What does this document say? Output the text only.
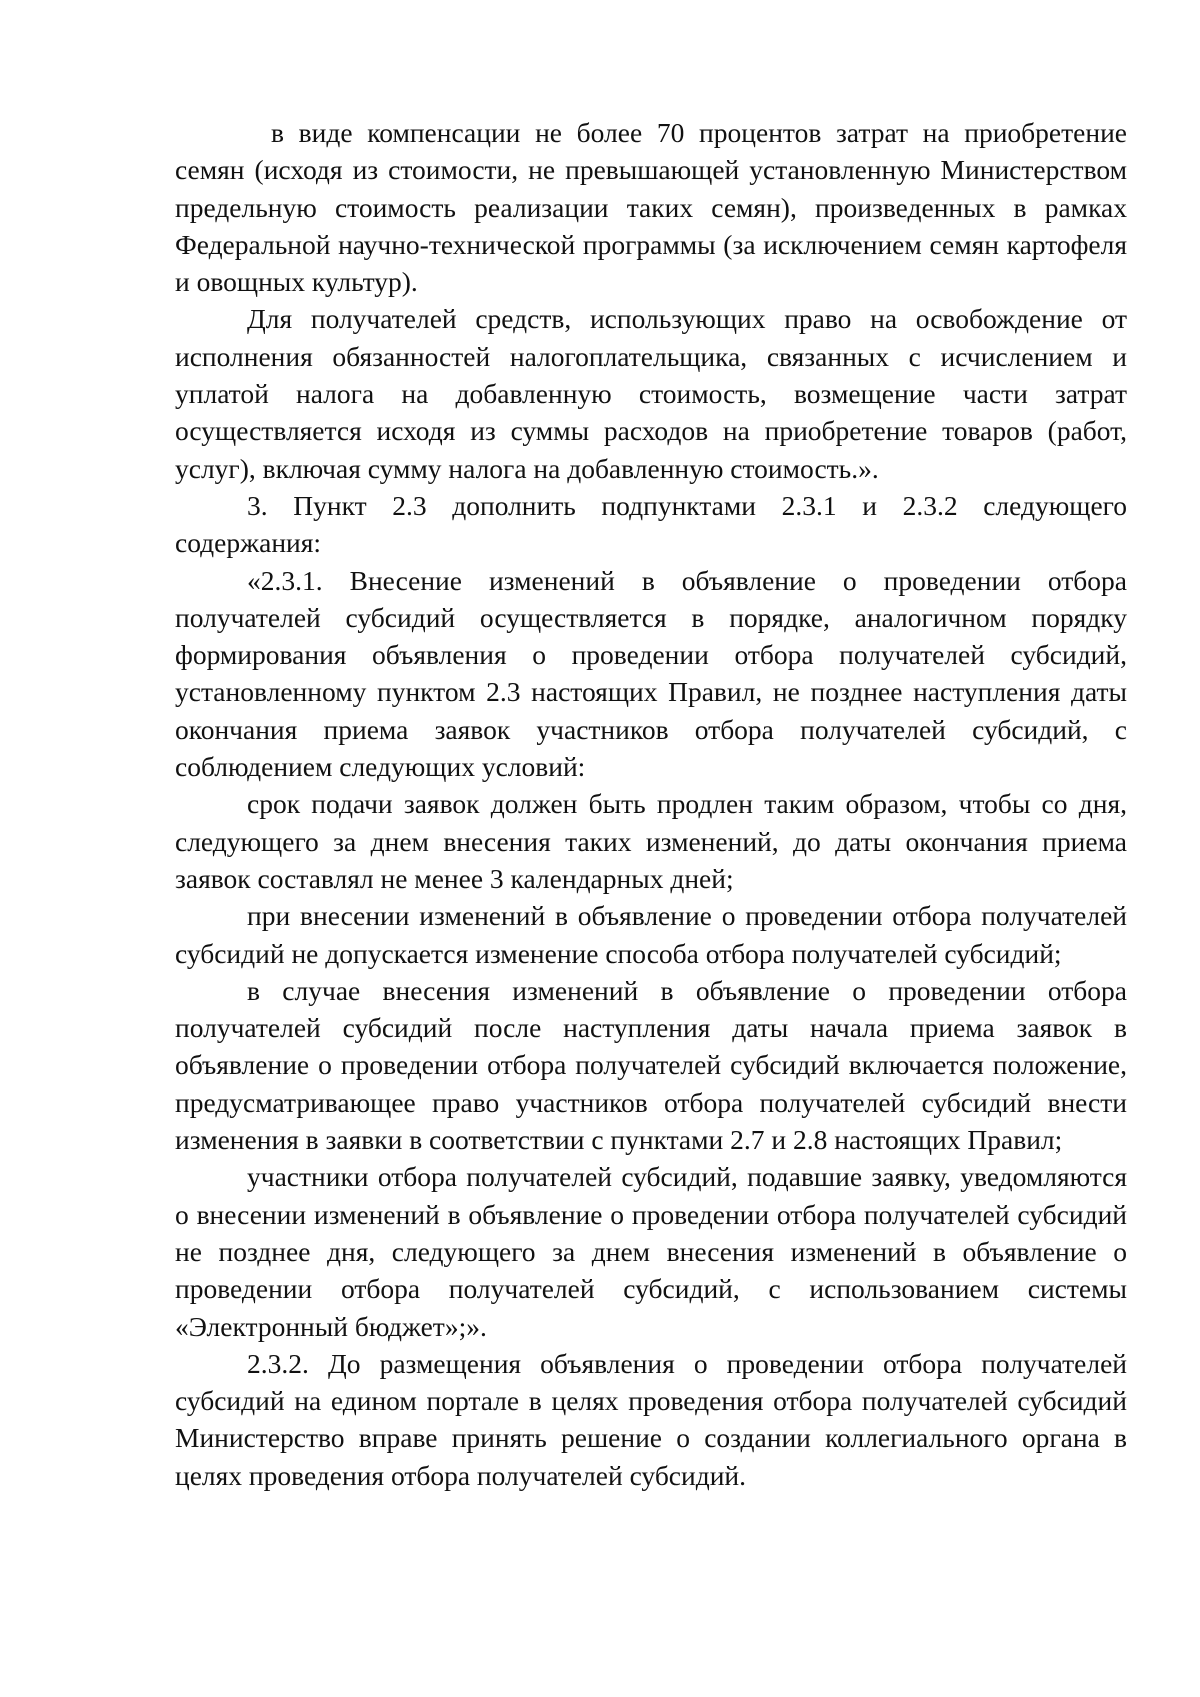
в виде компенсации не более 70 процентов затрат на приобретение семян (исходя из стоимости, не превышающей установленную Министерством предельную стоимость реализации таких семян), произведенных в рамках Федеральной научно-технической программы (за исключением семян картофеля и овощных культур).

Для получателей средств, использующих право на освобождение от исполнения обязанностей налогоплательщика, связанных с исчислением и уплатой налога на добавленную стоимость, возмещение части затрат осуществляется исходя из суммы расходов на приобретение товаров (работ, услуг), включая сумму налога на добавленную стоимость.».

3. Пункт 2.3 дополнить подпунктами 2.3.1 и 2.3.2 следующего содержания:

«2.3.1. Внесение изменений в объявление о проведении отбора получателей субсидий осуществляется в порядке, аналогичном порядку формирования объявления о проведении отбора получателей субсидий, установленному пунктом 2.3 настоящих Правил, не позднее наступления даты окончания приема заявок участников отбора получателей субсидий, с соблюдением следующих условий:

срок подачи заявок должен быть продлен таким образом, чтобы со дня, следующего за днем внесения таких изменений, до даты окончания приема заявок составлял не менее 3 календарных дней;

при внесении изменений в объявление о проведении отбора получателей субсидий не допускается изменение способа отбора получателей субсидий;

в случае внесения изменений в объявление о проведении отбора получателей субсидий после наступления даты начала приема заявок в объявление о проведении отбора получателей субсидий включается положение, предусматривающее право участников отбора получателей субсидий внести изменения в заявки в соответствии с пунктами 2.7 и 2.8 настоящих Правил;

участники отбора получателей субсидий, подавшие заявку, уведомляются о внесении изменений в объявление о проведении отбора получателей субсидий не позднее дня, следующего за днем внесения изменений в объявление о проведении отбора получателей субсидий, с использованием системы «Электронный бюджет»;».

2.3.2. До размещения объявления о проведении отбора получателей субсидий на едином портале в целях проведения отбора получателей субсидий Министерство вправе принять решение о создании коллегиального органа в целях проведения отбора получателей субсидий.
